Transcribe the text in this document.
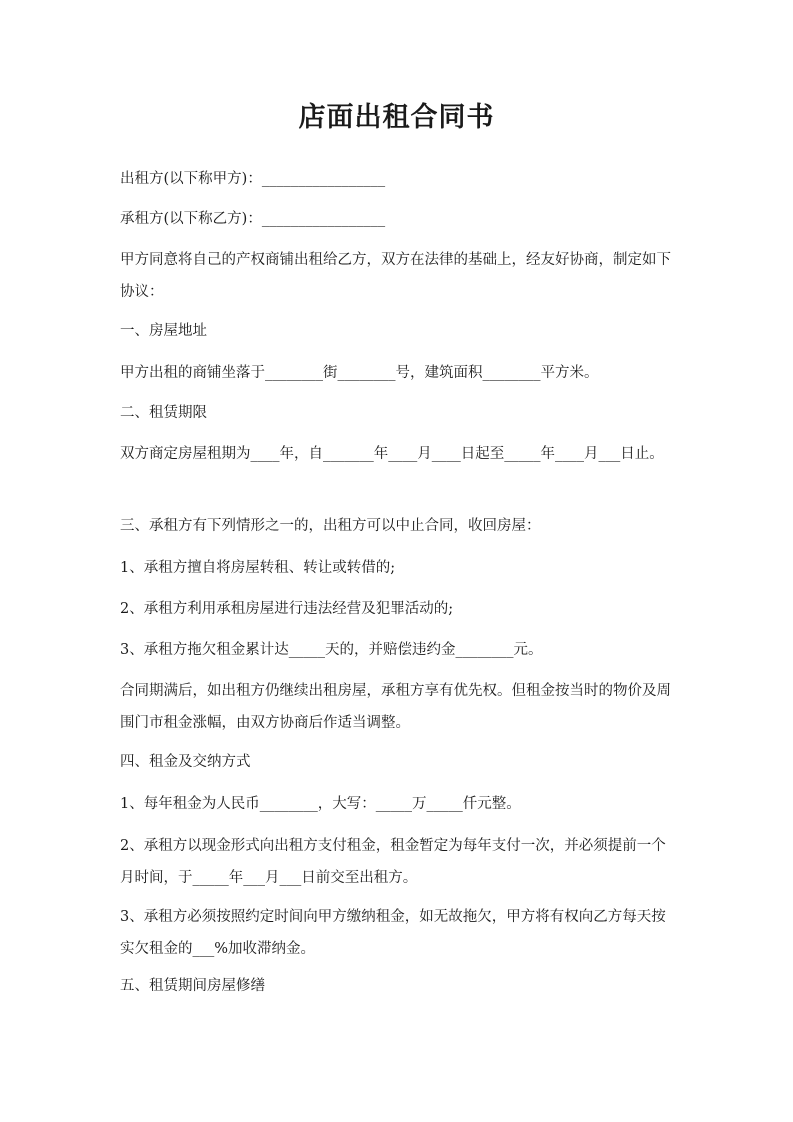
店面出租合同书
出租方(以下称甲方)：_________________
承租方(以下称乙方)：_________________
甲方同意将自己的产权商铺出租给乙方，双方在法律的基础上，经友好协商，制定如下协议：
一、房屋地址
甲方出租的商铺坐落于________街________号，建筑面积________平方米。
二、租赁期限
双方商定房屋租期为____年，自_______年____月____日起至_____年____月___日止。
三、承租方有下列情形之一的，出租方可以中止合同，收回房屋：
1、承租方擅自将房屋转租、转让或转借的;
2、承租方利用承租房屋进行违法经营及犯罪活动的;
3、承租方拖欠租金累计达_____天的，并赔偿违约金________元。
合同期满后，如出租方仍继续出租房屋，承租方享有优先权。但租金按当时的物价及周围门市租金涨幅，由双方协商后作适当调整。
四、租金及交纳方式
1、每年租金为人民币________，大写：_____万_____仟元整。
2、承租方以现金形式向出租方支付租金，租金暂定为每年支付一次，并必须提前一个月时间，于_____年___月___日前交至出租方。
3、承租方必须按照约定时间向甲方缴纳租金，如无故拖欠，甲方将有权向乙方每天按实欠租金的___%加收滞纳金。
五、租赁期间房屋修缮
